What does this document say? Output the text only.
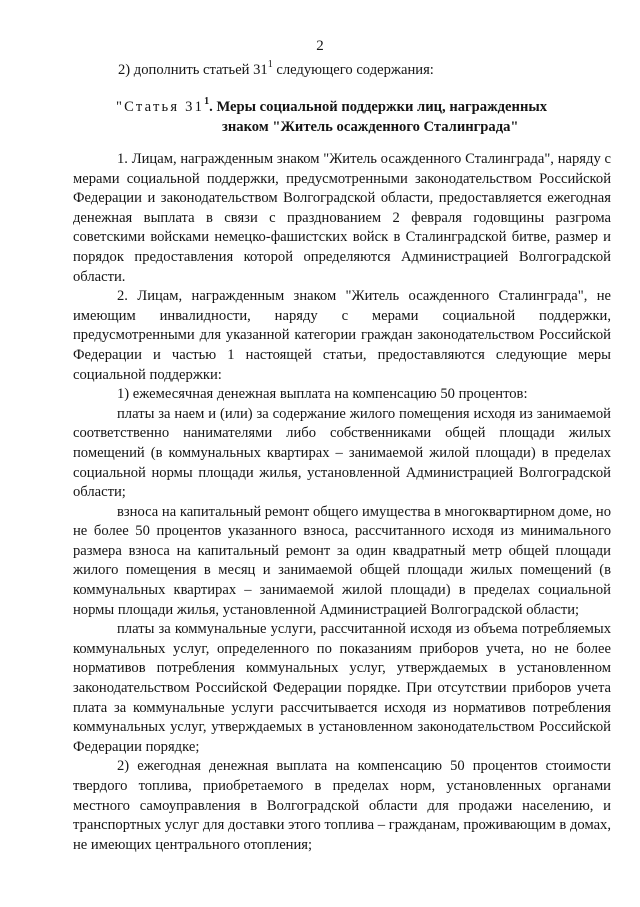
2
2) дополнить статьей $31^1$ следующего содержания:
"Статья $31^1$. Меры социальной поддержки лиц, награжденных
знаком "Житель осажденного Сталинграда"

1. Лицам, награжденным знаком "Житель осажденного Сталинграда", наряду с мерами социальной поддержки, предусмотренными законодательством Российской Федерации и законодательством Волгоградской области, предоставляется ежегодная денежная выплата в связи с празднованием 2 февраля годовщины разгрома советскими войсками немецко-фашистских войск в Сталинградской битве, размер и порядок предоставления которой определяются Администрацией Волгоградской области.

2. Лицам, награжденным знаком "Житель осажденного Сталинграда", не имеющим инвалидности, наряду с мерами социальной поддержки, предусмотренными для указанной категории граждан законодательством Российской Федерации и частью 1 настоящей статьи, предоставляются следующие меры социальной поддержки:

1) ежемесячная денежная выплата на компенсацию 50 процентов:

платы за наем и (или) за содержание жилого помещения исходя из занимаемой соответственно нанимателями либо собственниками общей площади жилых помещений (в коммунальных квартирах – занимаемой жилой площади) в пределах социальной нормы площади жилья, установленной Администрацией Волгоградской области;

взноса на капитальный ремонт общего имущества в многоквартирном доме, но не более 50 процентов указанного взноса, рассчитанного исходя из минимального размера взноса на капитальный ремонт за один квадратный метр общей площади жилого помещения в месяц и занимаемой общей площади жилых помещений (в коммунальных квартирах – занимаемой жилой площади) в пределах социальной нормы площади жилья, установленной Администрацией Волгоградской области;

платы за коммунальные услуги, рассчитанной исходя из объема потребляемых коммунальных услуг, определенного по показаниям приборов учета, но не более нормативов потребления коммунальных услуг, утверждаемых в установленном законодательством Российской Федерации порядке. При отсутствии приборов учета плата за коммунальные услуги рассчитывается исходя из нормативов потребления коммунальных услуг, утверждаемых в установленном законодательством Российской Федерации порядке;

2) ежегодная денежная выплата на компенсацию 50 процентов стоимости твердого топлива, приобретаемого в пределах норм, установленных органами местного самоуправления в Волгоградской области для продажи населению, и транспортных услуг для доставки этого топлива – гражданам, проживающим в домах, не имеющих центрального отопления;
